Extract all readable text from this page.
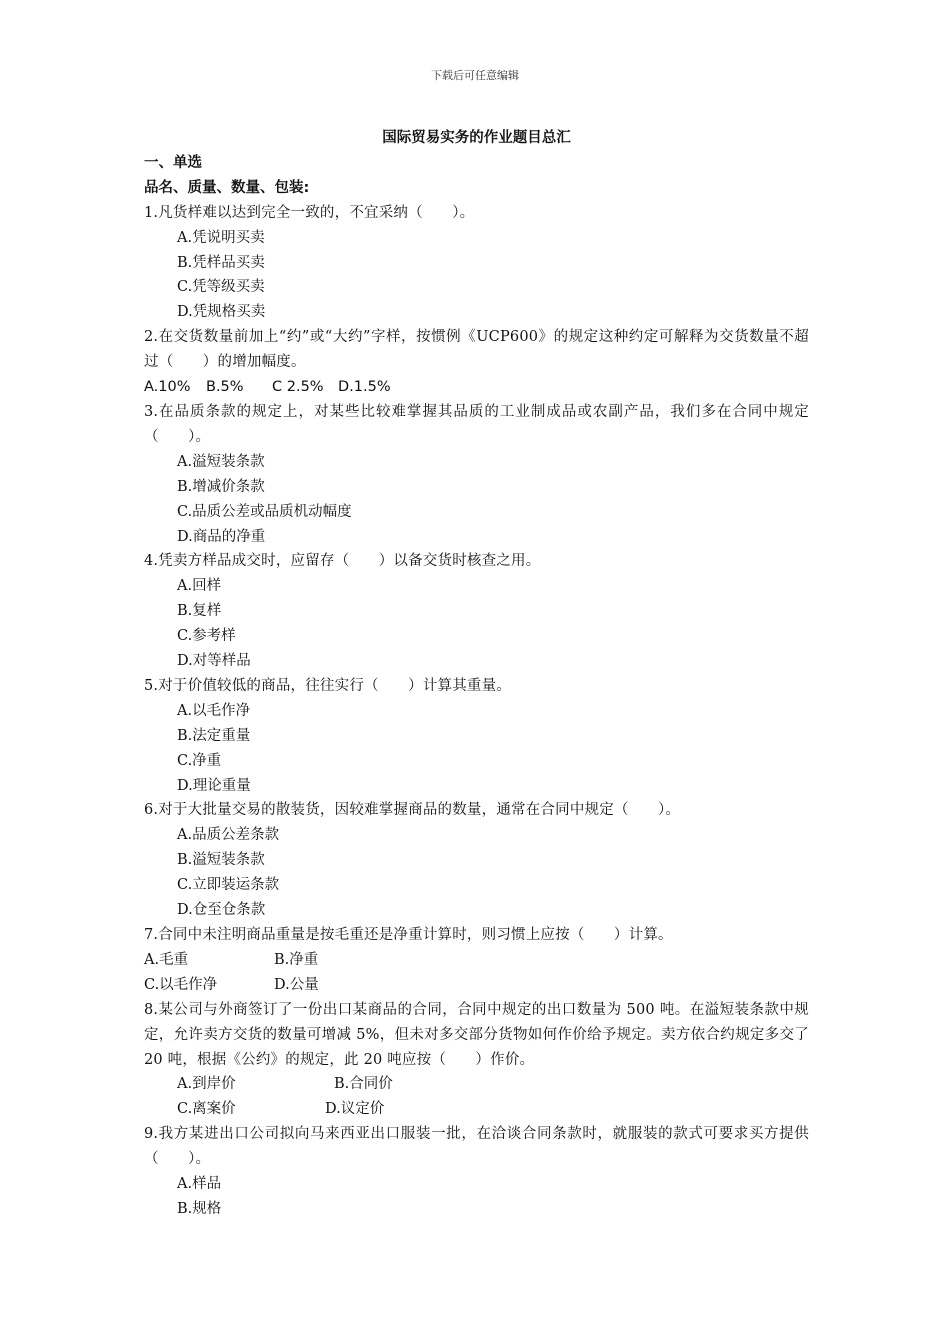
下载后可任意编辑

国际贸易实务的作业题目总汇

一、单选

品名、质量、数量、包装:

1.凡货样难以达到完全一致的，不宜采纳（　　）。

A.凭说明买卖

B.凭样品买卖

C.凭等级买卖

D.凭规格买卖

2.在交货数量前加上“约”或“大约”字样，按惯例《UCP600》的规定这种约定可解释为交货数量不超过（　　）的增加幅度。

A.10%	B.5%	C 2.5% D.1.5%

3.在品质条款的规定上，对某些比较难掌握其品质的工业制成品或农副产品，我们多在合同中规定（　　）。

A.溢短装条款

B.增减价条款

C.品质公差或品质机动幅度

D.商品的净重

4.凭卖方样品成交时，应留存（　　）以备交货时核查之用。

A.回样

B.复样

C.参考样

D.对等样品

5.对于价值较低的商品，往往实行（　　）计算其重量。

A.以毛作净

B.法定重量

C.净重

D.理论重量

6.对于大批量交易的散装货，因较难掌握商品的数量，通常在合同中规定（　　）。

A.品质公差条款

B.溢短装条款

C.立即装运条款

D.仓至仓条款

7.合同中未注明商品重量是按毛重还是净重计算时，则习惯上应按（　　）计算。

A.毛重	B.净重
C.以毛作净	D.公量

8.某公司与外商签订了一份出口某商品的合同，合同中规定的出口数量为 500 吨。在溢短装条款中规定，允许卖方交货的数量可增减 5%，但未对多交部分货物如何作价给予规定。卖方依合约规定多交了 20 吨，根据《公约》的规定，此 20 吨应按（　　）作价。

A.到岸价	B.合同价
C.离案价	D.议定价

9.我方某进出口公司拟向马来西亚出口服装一批，在洽谈合同条款时，就服装的款式可要求买方提供（　　）。

A.样品

B.规格
